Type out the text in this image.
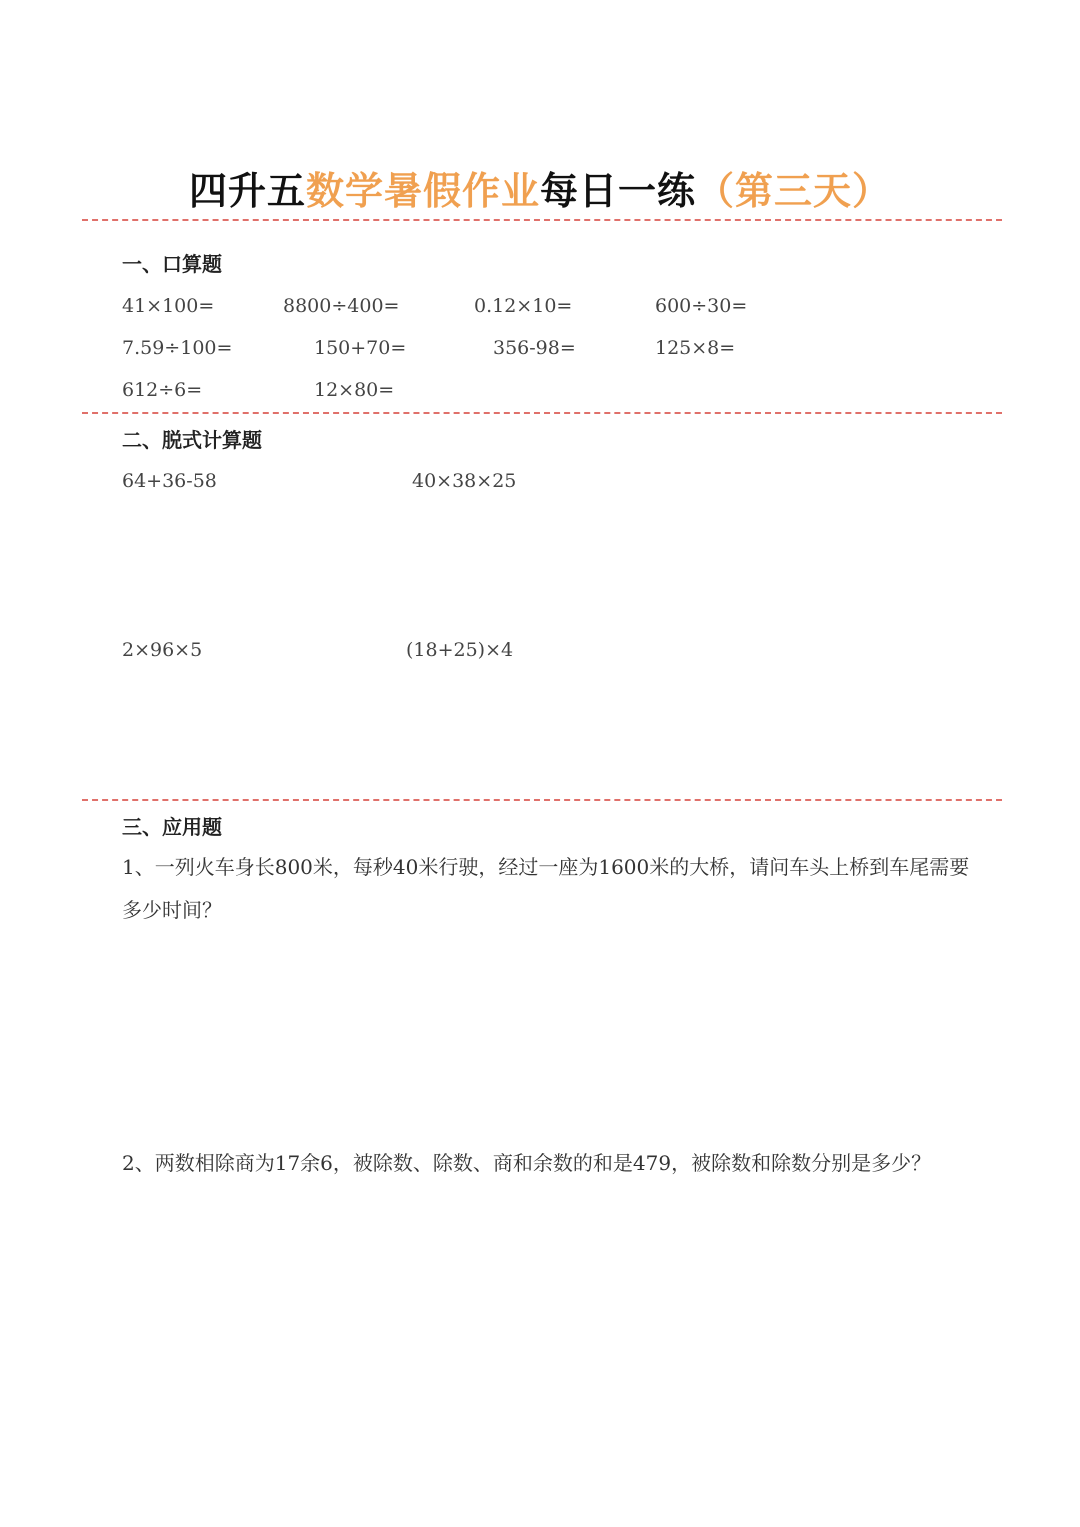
四升五数学暑假作业每日一练（第三天）
一、口算题
41×100=	8800÷400=	0.12×10=	600÷30=
7.59÷100=	150+70=	356-98=	125×8=
612÷6=	12×80=
二、脱式计算题
64+36-58	40×38×25
2×96×5	(18+25)×4
三、应用题
1、一列火车身长800米，每秒40米行驶，经过一座为1600米的大桥，请问车头上桥到车尾需要多少时间？
2、两数相除商为17余6，被除数、除数、商和余数的和是479，被除数和除数分别是多少？
